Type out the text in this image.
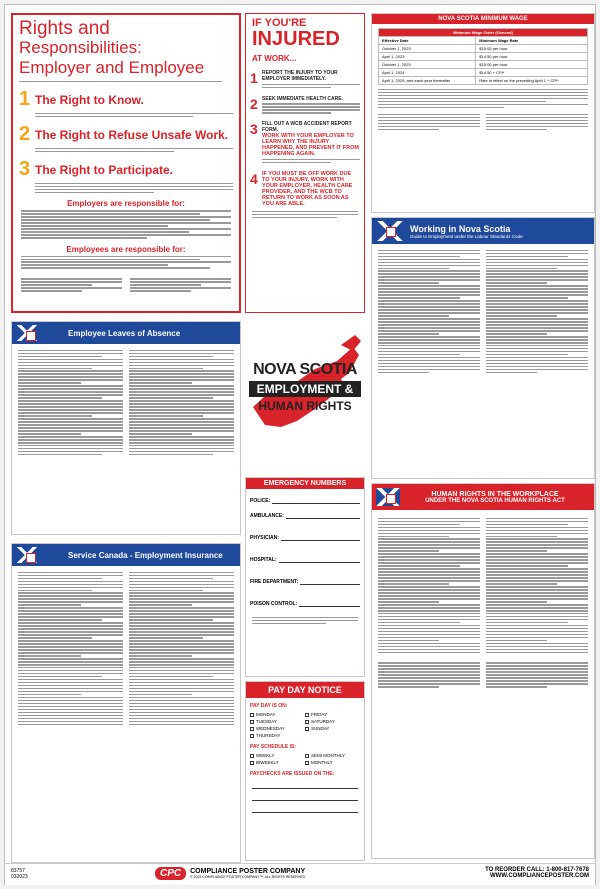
Rights and
Responsibilities:
Employer and Employee
1 The Right to Know.
2 The Right to Refuse Unsafe Work.
3 The Right to Participate.
Employers are responsible for:
Employees are responsible for:
IF YOU'RE
INJURED
AT WORK...
1 REPORT THE INJURY TO YOUR EMPLOYER IMMEDIATELY.
2 SEEK IMMEDIATE HEALTH CARE.
3 FILL OUT A WCB ACCIDENT REPORT FORM.
WORK WITH YOUR EMPLOYER TO LEARN WHY THE INJURY HAPPENED, AND PREVENT IT FROM HAPPENING AGAIN.
4 IF YOU MUST BE OFF WORK DUE TO YOUR INJURY, WORK WITH YOUR EMPLOYER, HEALTH CARE PROVIDER, AND THE WCB TO RETURN TO WORK AS SOON AS YOU ARE ABLE.
NOVA SCOTIA MINIMUM WAGE
Minimum Wage Order (General)	
Effective Date	Minimum Wage Rate
October 1, 2023	$15.00 per hour
April 1, 2023	$14.50 per hour
October 1, 2023	$15.00 per hour
April 1, 2024	$14.50 + CPI*
April 1, 2025, and each year thereafter	Rate in effect on the preceding April 1 + CPI*
Working in Nova Scotia
Guide to Employment under the Labour Standards Code
Employee Leaves of Absence
NOVA SCOTIA
EMPLOYMENT &
HUMAN RIGHTS
EMERGENCY NUMBERS
POLICE:
AMBULANCE:
PHYSICIAN:
HOSPITAL:
FIRE DEPARTMENT:
POISON CONTROL:
HUMAN RIGHTS IN THE WORKPLACE
UNDER THE NOVA SCOTIA HUMAN RIGHTS ACT
Service Canada - Employment Insurance
PAY DAY NOTICE
PAY DAY IS ON:
MONDAY	FRIDAY
TUESDAY	SATURDAY
WEDNESDAY	SUNDAY
THURSDAY
PAY SCHEDULE IS:
WEEKLY	SEMI MONTHLY
BIWEEKLY	MONTHLY
PAYCHECKS ARE ISSUED ON THE:
83757
032023	CPC	COMPLIANCE POSTER COMPANY
© 2023 COMPLIANCE POSTER COMPANY™. ALL RIGHTS RESERVED.
TO REORDER CALL: 1-800-817-7678
WWW.COMPLIANCEPOSTER.COM
